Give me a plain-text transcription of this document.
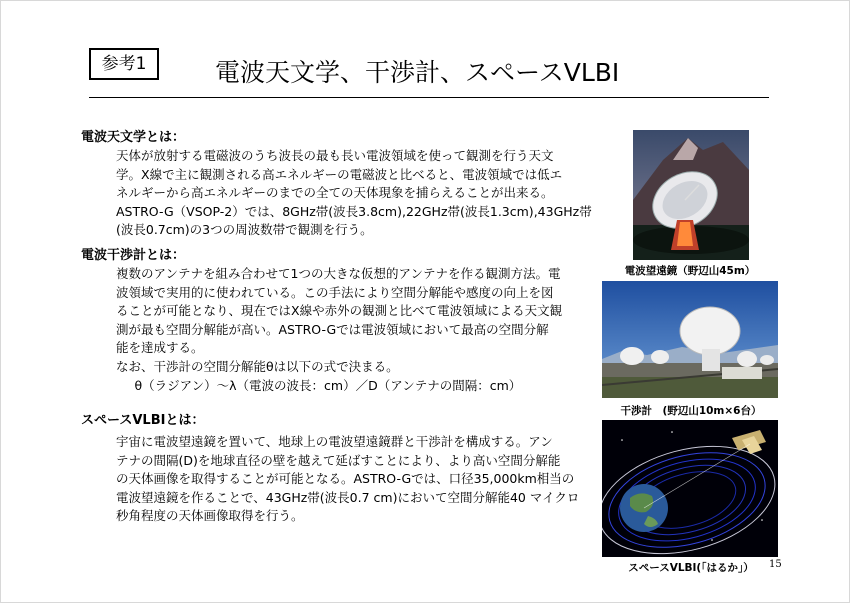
参考1	電波天文学、干渉計、スペースVLBI
電波天文学とは：
天体が放射する電磁波のうち波長の最も長い電波領域を使って観測を行う天文
学。X線で主に観測される高エネルギーの電磁波と比べると、電波領域では低エ
ネルギーから高エネルギーのまでの全ての天体現象を捕らえることが出来る。
ASTRO-G（VSOP-2）では、8GHz帯(波長3.8cm),22GHz帯(波長1.3cm),43GHz帯
(波長0.7cm)の3つの周波数帯で観測を行う。
電波干渉計とは：
複数のアンテナを組み合わせて1つの大きな仮想的アンテナを作る観測方法。電
波領域で実用的に使われている。この手法により空間分解能や感度の向上を図
ることが可能となり、現在ではX線や赤外の観測と比べて電波領域による天文観
測が最も空間分解能が高い。ASTRO-Gでは電波領域において最高の空間分解
能を達成する。
なお、干渉計の空間分解能θは以下の式で決まる。
　θ（ラジアン）～λ（電波の波長：cm）／D（アンテナの間隔：cm）
スペースVLBIとは：
宇宙に電波望遠鏡を置いて、地球上の電波望遠鏡群と干渉計を構成する。アン
テナの間隔(D)を地球直径の壁を越えて延ばすことにより、より高い空間分解能
の天体画像を取得することが可能となる。ASTRO-Gでは、口径35,000km相当の
電波望遠鏡を作ることで、43GHz帯(波長0.7 cm)において空間分解能40 マイクロ
秒角程度の天体画像取得を行う。
電波望遠鏡（野辺山45m）
干渉計　(野辺山10m×6台）
スペースVLBI(「はるか」）	15
